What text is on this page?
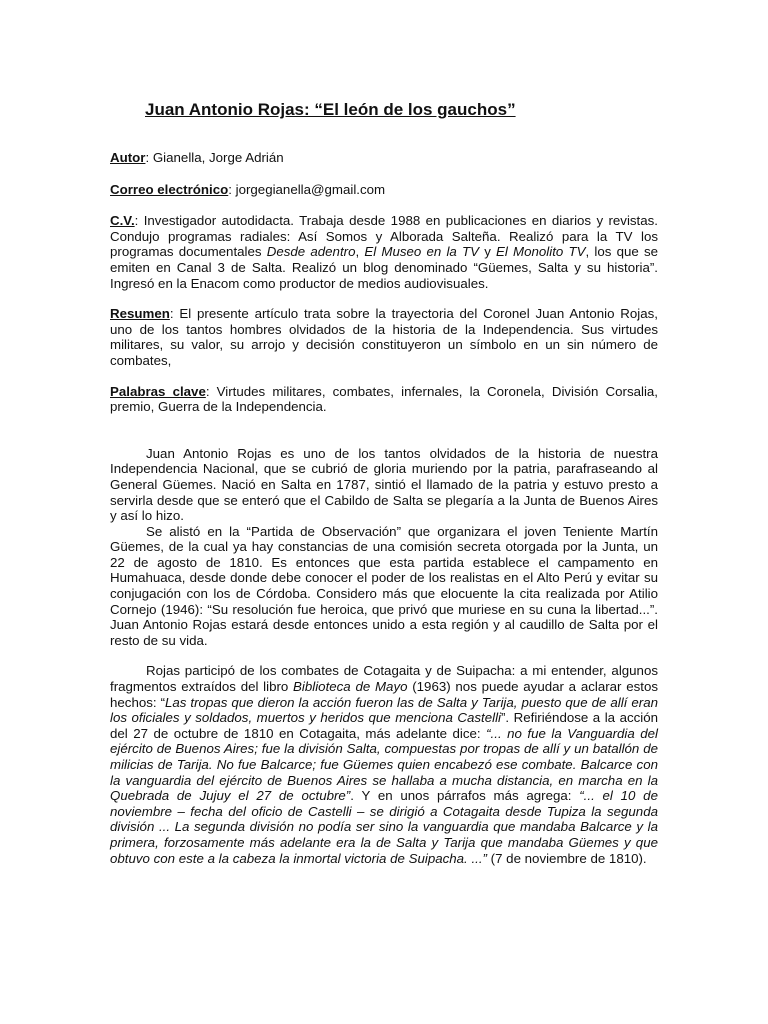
Juan Antonio Rojas: “El león de los gauchos”
Autor: Gianella, Jorge Adrián
Correo electrónico: jorgegianella@gmail.com
C.V.: Investigador autodidacta. Trabaja desde 1988 en publicaciones en diarios y revistas. Condujo programas radiales: Así Somos y Alborada Salteña. Realizó para la TV los programas documentales Desde adentro, El Museo en la TV y El Monolito TV, los que se emiten en Canal 3 de Salta. Realizó un blog denominado “Güemes, Salta y su historia”. Ingresó en la Enacom como productor de medios audiovisuales.
Resumen: El presente artículo trata sobre la trayectoria del Coronel Juan Antonio Rojas, uno de los tantos hombres olvidados de la historia de la Independencia. Sus virtudes militares, su valor, su arrojo y decisión constituyeron un símbolo en un sin número de combates,
Palabras clave: Virtudes militares, combates, infernales, la Coronela, División Corsalia, premio, Guerra de la Independencia.

Juan Antonio Rojas es uno de los tantos olvidados de la historia de nuestra Independencia Nacional, que se cubrió de gloria muriendo por la patria, parafraseando al General Güemes. Nació en Salta en 1787, sintió el llamado de la patria y estuvo presto a servirla desde que se enteró que el Cabildo de Salta se plegaría a la Junta de Buenos Aires y así lo hizo.

Se alistó en la “Partida de Observación” que organizara el joven Teniente Martín Güemes, de la cual ya hay constancias de una comisión secreta otorgada por la Junta, un 22 de agosto de 1810. Es entonces que esta partida establece el campamento en Humahuaca, desde donde debe conocer el poder de los realistas en el Alto Perú y evitar su conjugación con los de Córdoba. Considero más que elocuente la cita realizada por Atilio Cornejo (1946): “Su resolución fue heroica, que privó que muriese en su cuna la libertad...”. Juan Antonio Rojas estará desde entonces unido a esta región y al caudillo de Salta por el resto de su vida.

Rojas participó de los combates de Cotagaita y de Suipacha: a mi entender, algunos fragmentos extraídos del libro Biblioteca de Mayo (1963) nos puede ayudar a aclarar estos hechos: “Las tropas que dieron la acción fueron las de Salta y Tarija, puesto que de allí eran los oficiales y soldados, muertos y heridos que menciona Castelli”. Refiriéndose a la acción del 27 de octubre de 1810 en Cotagaita, más adelante dice: “... no fue la Vanguardia del ejército de Buenos Aires; fue la división Salta, compuestas por tropas de allí y un batallón de milicias de Tarija. No fue Balcarce; fue Güemes quien encabezó ese combate. Balcarce con la vanguardia del ejército de Buenos Aires se hallaba a mucha distancia, en marcha en la Quebrada de Jujuy el 27 de octubre”. Y en unos párrafos más agrega: “... el 10 de noviembre – fecha del oficio de Castelli – se dirigió a Cotagaita desde Tupiza la segunda división ... La segunda división no podía ser sino la vanguardia que mandaba Balcarce y la primera, forzosamente más adelante era la de Salta y Tarija que mandaba Güemes y que obtuvo con este a la cabeza la inmortal victoria de Suipacha. ...” (7 de noviembre de 1810).
